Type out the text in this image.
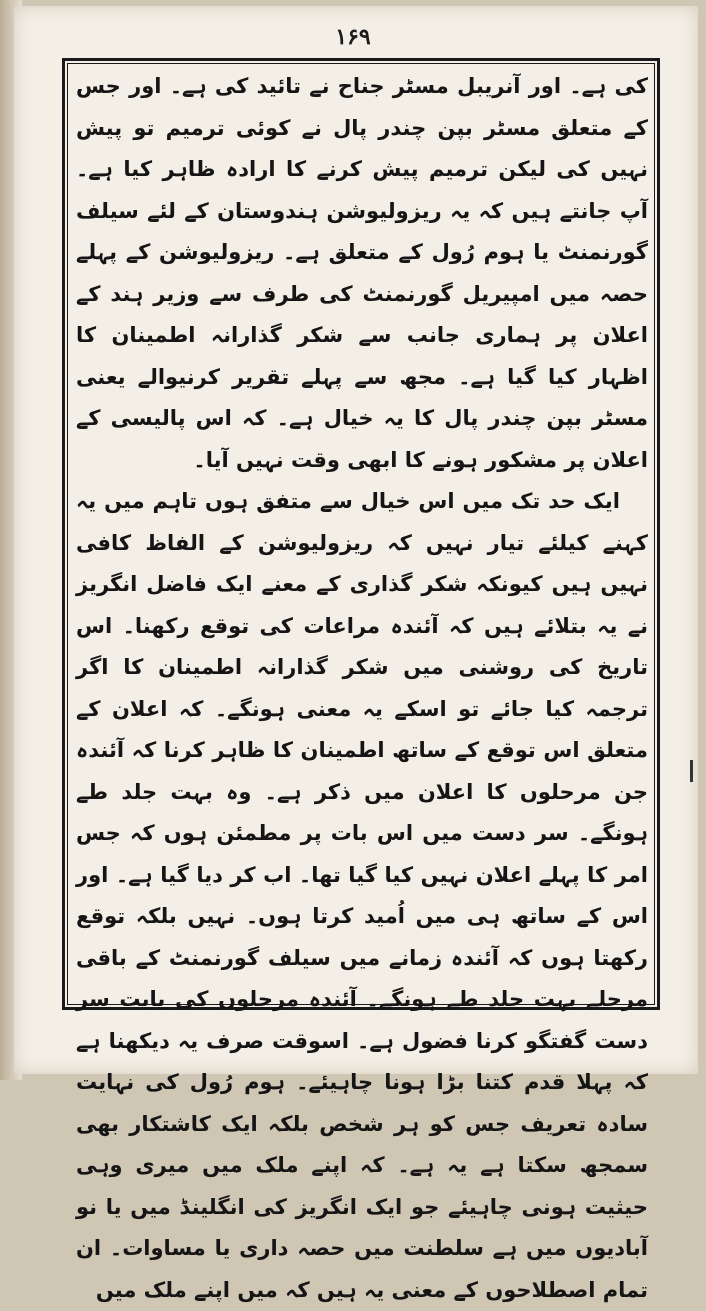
۱۶۹

کی ہے۔ اور آنریبل مسٹر جناح نے تائید کی ہے۔ اور جس کے متعلق مسٹر بپن چندر پال نے کوئی ترمیم تو پیش نہیں کی لیکن ترمیم پیش کرنے کا ارادہ ظاہر کیا ہے۔ آپ جانتے ہیں کہ یہ ریزولیوشن ہندوستان کے لئے سیلف گورنمنٹ یا ہوم رُول کے متعلق ہے۔ ریزولیوشن کے پہلے حصہ میں امپیریل گورنمنٹ کی طرف سے وزیر ہند کے اعلان پر ہماری جانب سے شکر گذارانہ اطمینان کا اظہار کیا گیا ہے۔ مجھ سے پہلے تقریر کرنیوالے یعنی مسٹر بپن چندر پال کا یہ خیال ہے۔ کہ اس پالیسی کے اعلان پر مشکور ہونے کا ابھی وقت نہیں آیا۔

ایک حد تک میں اس خیال سے متفق ہوں تاہم میں یہ کہنے کیلئے تیار نہیں کہ ریزولیوشن کے الفاظ کافی نہیں ہیں کیونکہ شکر گذاری کے معنے ایک فاضل انگریز نے یہ بتلائے ہیں کہ آئندہ مراعات کی توقع رکھنا۔ اس تاریخ کی روشنی میں شکر گذارانہ اطمینان کا اگر ترجمہ کیا جائے تو اسکے یہ معنی ہونگے۔ کہ اعلان کے متعلق اس توقع کے ساتھ اطمینان کا ظاہر کرنا کہ آئندہ جن مرحلوں کا اعلان میں ذکر ہے۔ وہ بہت جلد طے ہونگے۔ سر دست میں اس بات پر مطمئن ہوں کہ جس امر کا پہلے اعلان نہیں کیا گیا تھا۔ اب کر دیا گیا ہے۔ اور اس کے ساتھ ہی میں اُمید کرتا ہوں۔ نہیں بلکہ توقع رکھتا ہوں کہ آئندہ زمانے میں سیلف گورنمنٹ کے باقی مرحلے بہت جلد طے ہونگے۔ آئندہ مرحلوں کی بابت سر دست گفتگو کرنا فضول ہے۔ اسوقت صرف یہ دیکھنا ہے کہ پہلا قدم کتنا بڑا ہونا چاہیئے۔ ہوم رُول کی نہایت سادہ تعریف جس کو ہر شخص بلکہ ایک کاشتکار بھی سمجھ سکتا ہے یہ ہے۔ کہ اپنے ملک میں میری وہی حیثیت ہونی چاہیئے جو ایک انگریز کی انگلینڈ میں یا نو آبادیوں میں ہے سلطنت میں حصہ داری یا مساوات۔ ان تمام اصطلاحوں کے معنی یہ ہیں کہ میں اپنے ملک میں
